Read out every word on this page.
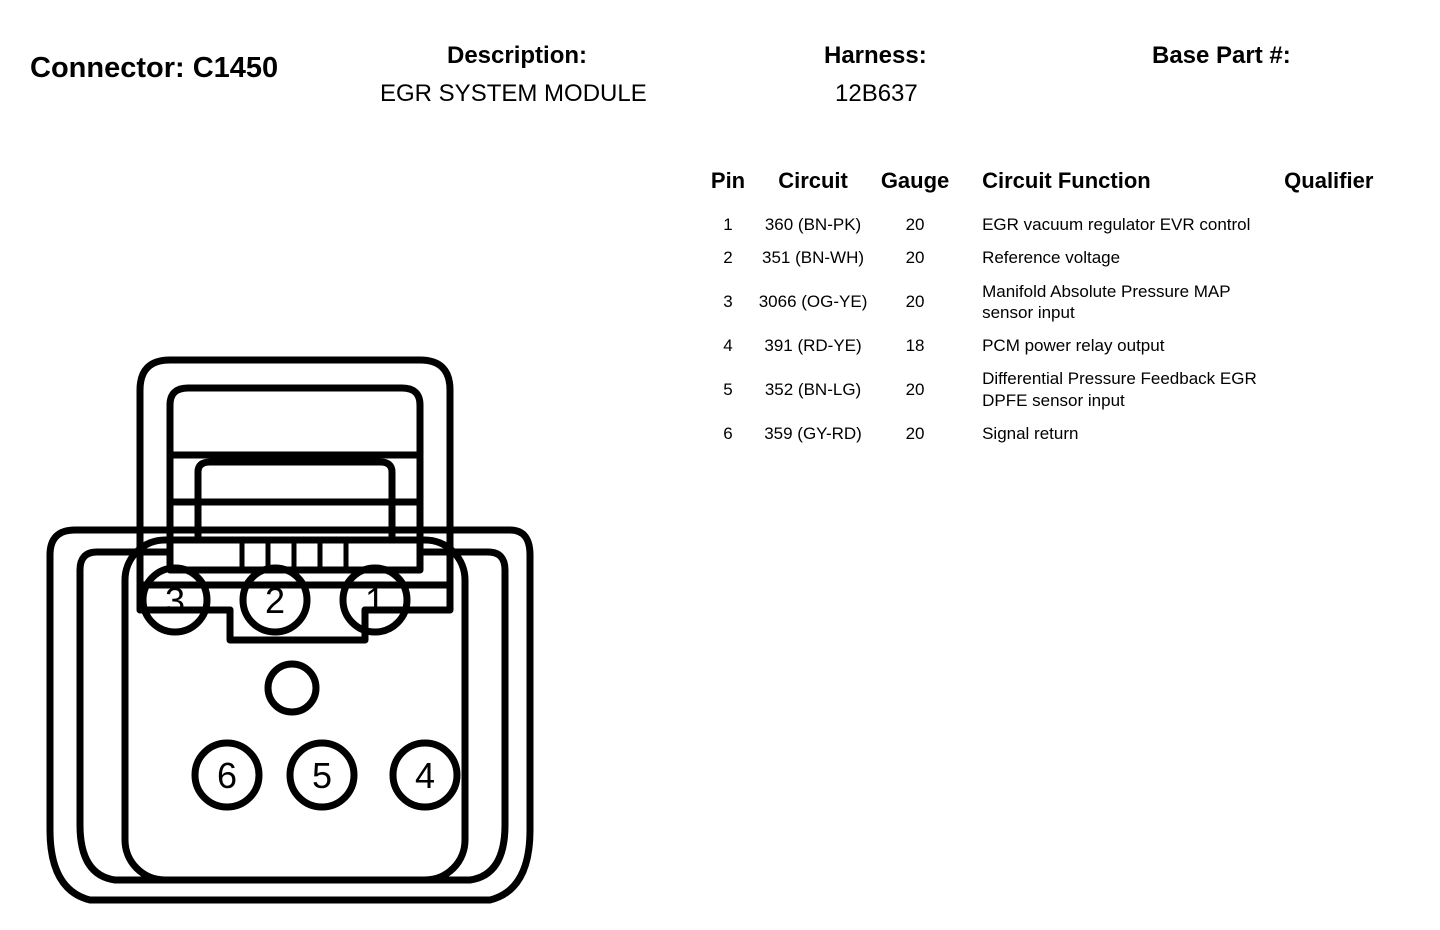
Connector: C1450	Description:
EGR SYSTEM MODULE
Harness:
12B637
Base Part #:
3 2 1
6 5 4
Pin	Circuit	Gauge	Circuit Function	Qualifier
1	360 (BN-PK)	20	EGR vacuum regulator EVR control	
2	351 (BN-WH)	20	Reference voltage	
3	3066 (OG-YE)	20	Manifold Absolute Pressure MAP sensor input	
4	391 (RD-YE)	18	PCM power relay output	
5	352 (BN-LG)	20	Differential Pressure Feedback EGR DPFE sensor input	
6	359 (GY-RD)	20	Signal return	
